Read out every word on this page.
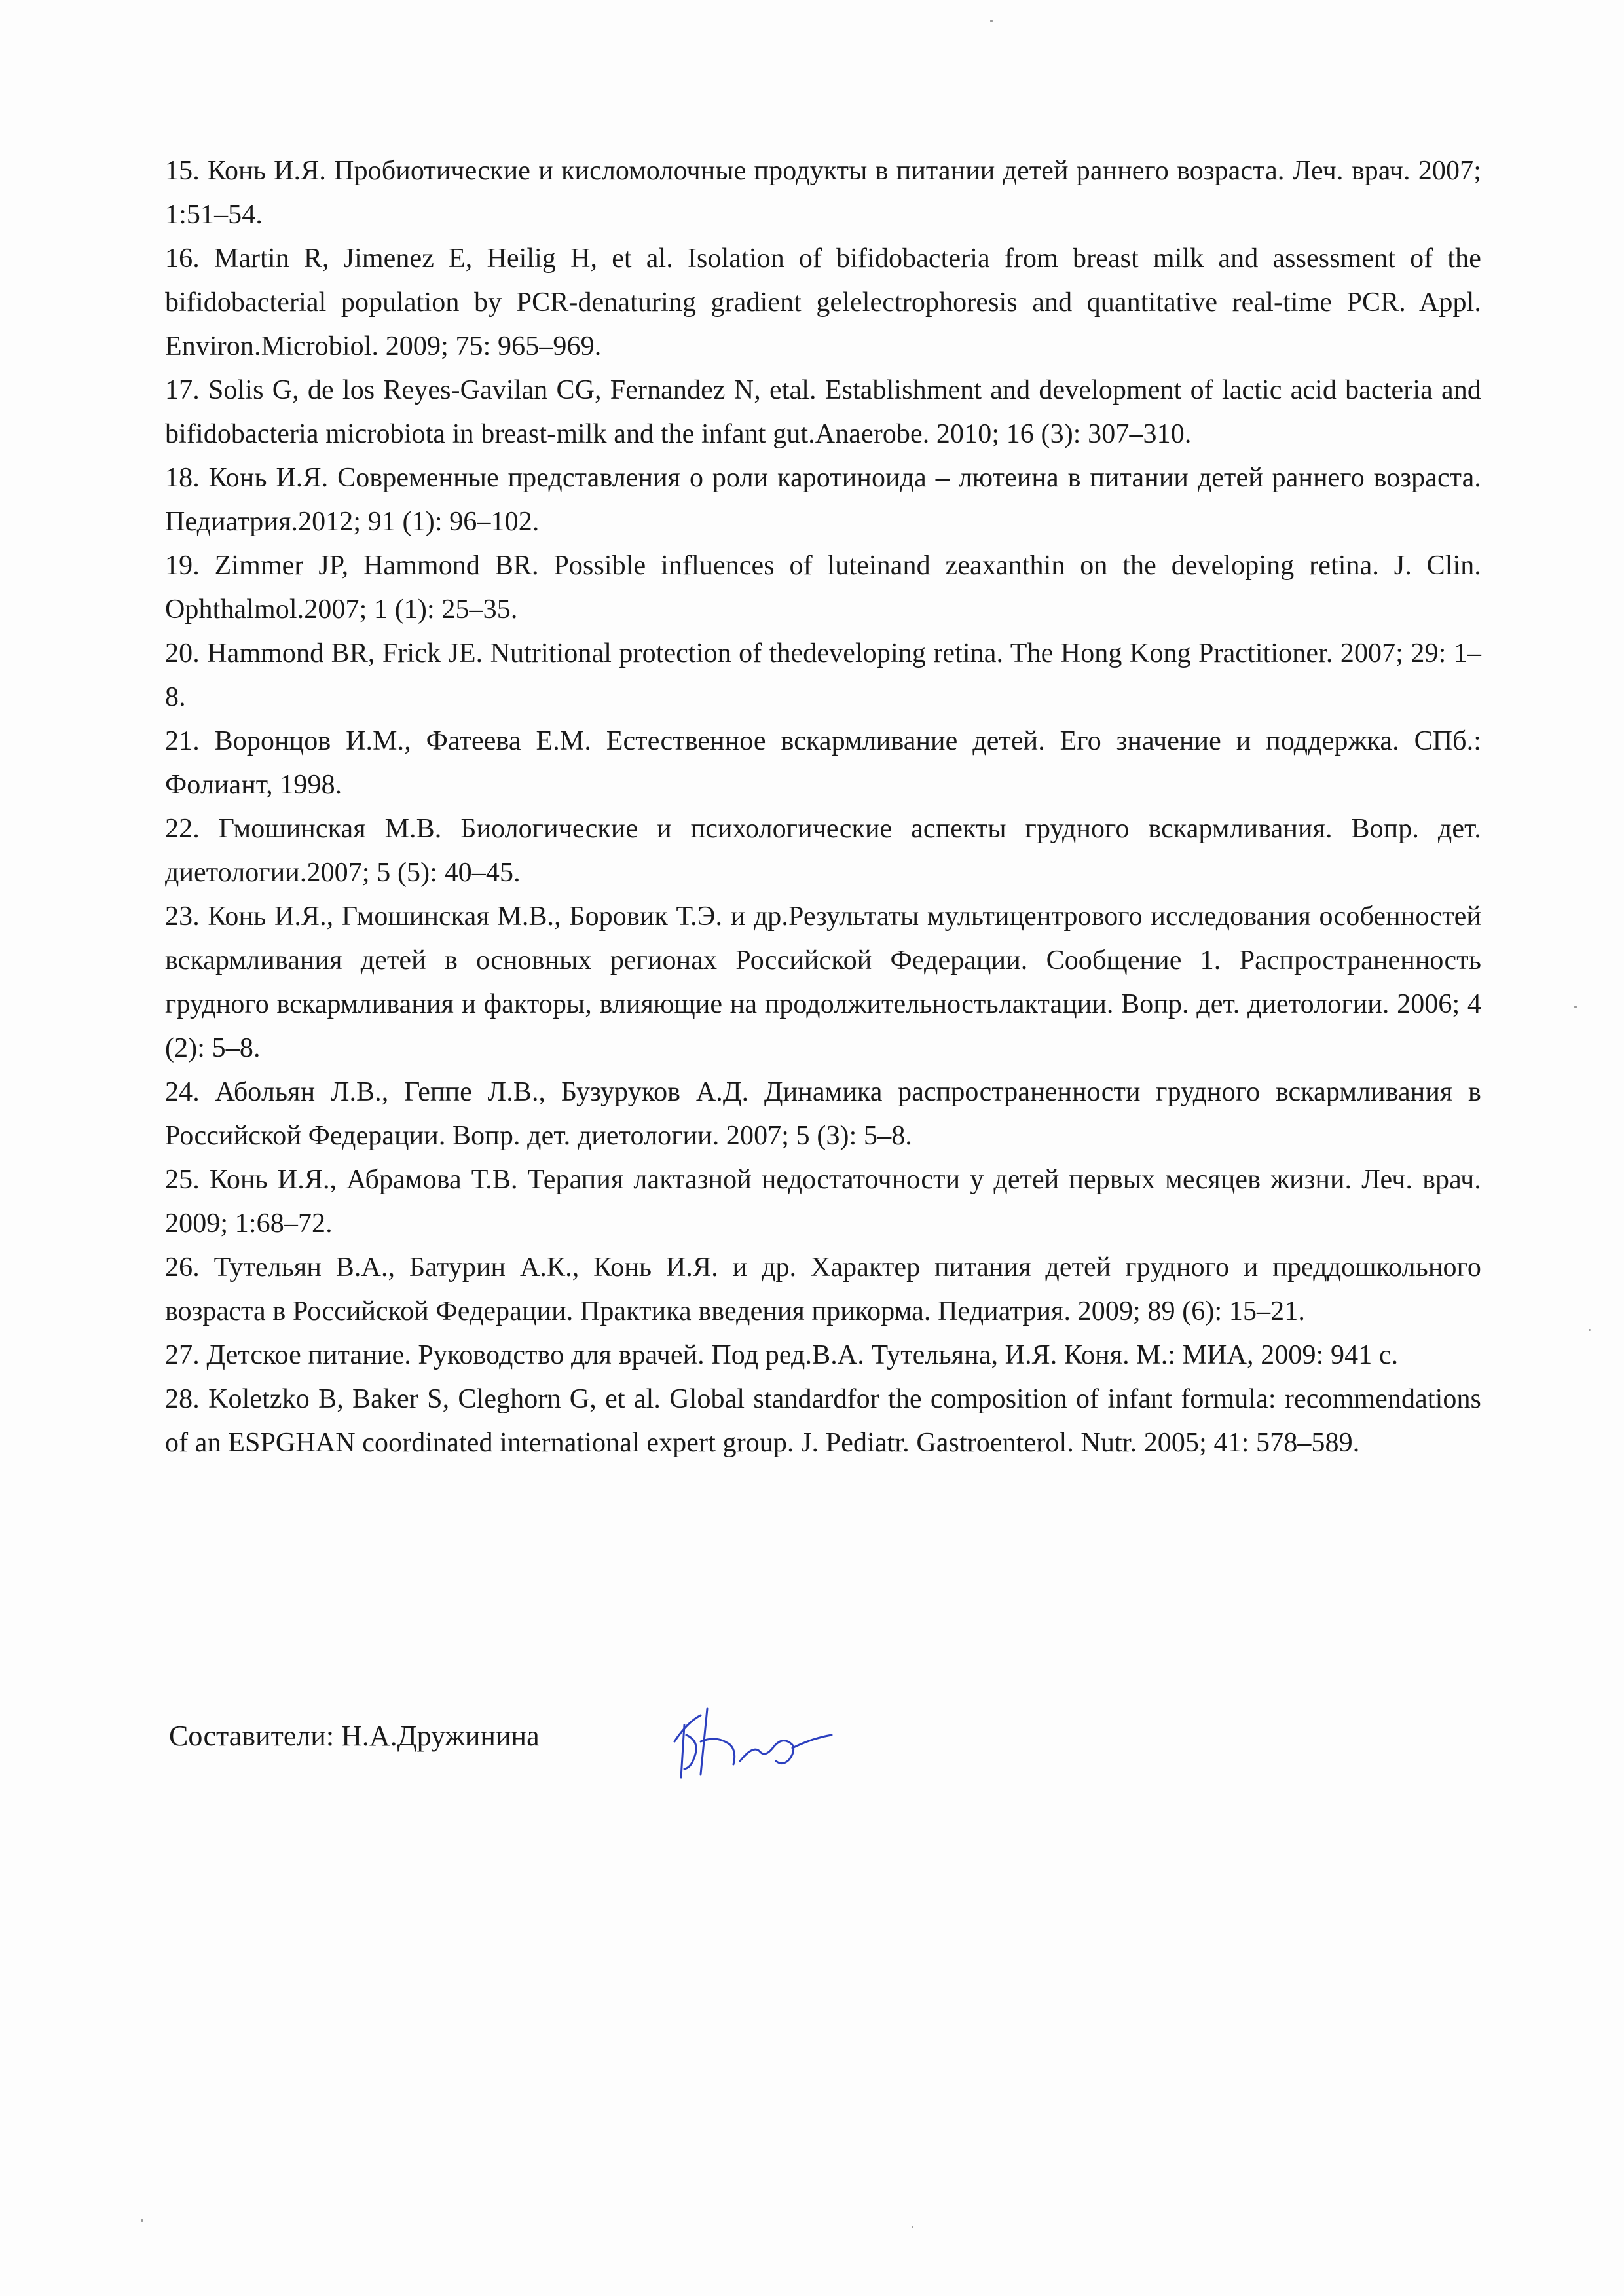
15. Конь И.Я. Пробиотические и кисломолочные продукты в питании детей раннего возраста. Леч. врач. 2007; 1:51–54.

16. Martin R, Jimenez E, Heilig H, et al. Isolation of bifidobacteria from breast milk and assessment of the bifidobacterial population by PCR-denaturing gradient gelelectrophoresis and quantitative real-time PCR. Appl. Environ.Microbiol. 2009; 75: 965–969.

17. Solis G, de los Reyes-Gavilan CG, Fernandez N, etal. Establishment and development of lactic acid bacteria and bifidobacteria microbiota in breast-milk and the infant gut.Anaerobe. 2010; 16 (3): 307–310.

18. Конь И.Я. Современные представления о роли каротиноида – лютеина в питании детей раннего возраста. Педиатрия.2012; 91 (1): 96–102.

19. Zimmer JP, Hammond BR. Possible influences of luteinand zeaxanthin on the developing retina. J. Clin. Ophthalmol.2007; 1 (1): 25–35.

20. Hammond BR, Frick JE. Nutritional protection of thedeveloping retina. The Hong Kong Practitioner. 2007; 29: 1–8.

21. Воронцов И.М., Фатеева Е.М. Естественное вскармливание детей. Его значение и поддержка. СПб.: Фолиант, 1998.

22. Гмошинская М.В. Биологические и психологические аспекты грудного вскармливания. Вопр. дет. диетологии.2007; 5 (5): 40–45.

23. Конь И.Я., Гмошинская М.В., Боровик Т.Э. и др.Результаты мультицентрового исследования особенностей вскармливания детей в основных регионах Российской Федерации. Сообщение 1. Распространенность грудного вскармливания и факторы, влияющие на продолжительностьлактации. Вопр. дет. диетологии. 2006; 4 (2): 5–8.

24. Абольян Л.В., Геппе Л.В., Бузуруков А.Д. Динамика распространенности грудного вскармливания в Российской Федерации. Вопр. дет. диетологии. 2007; 5 (3): 5–8.

25. Конь И.Я., Абрамова Т.В. Терапия лактазной недостаточности у детей первых месяцев жизни. Леч. врач. 2009; 1:68–72.

26. Тутельян В.А., Батурин А.К., Конь И.Я. и др. Характер питания детей грудного и преддошкольного возраста в Российской Федерации. Практика введения прикорма. Педиатрия. 2009; 89 (6): 15–21.

27. Детское питание. Руководство для врачей. Под ред.В.А. Тутельяна, И.Я. Коня. М.: МИА, 2009: 941 с.

28. Koletzko B, Baker S, Cleghorn G, et al. Global standardfor the composition of infant formula: recommendations of an ESPGHAN coordinated international expert group. J. Pediatr. Gastroenterol. Nutr. 2005; 41: 578–589.

Составители: Н.А.Дружинина
